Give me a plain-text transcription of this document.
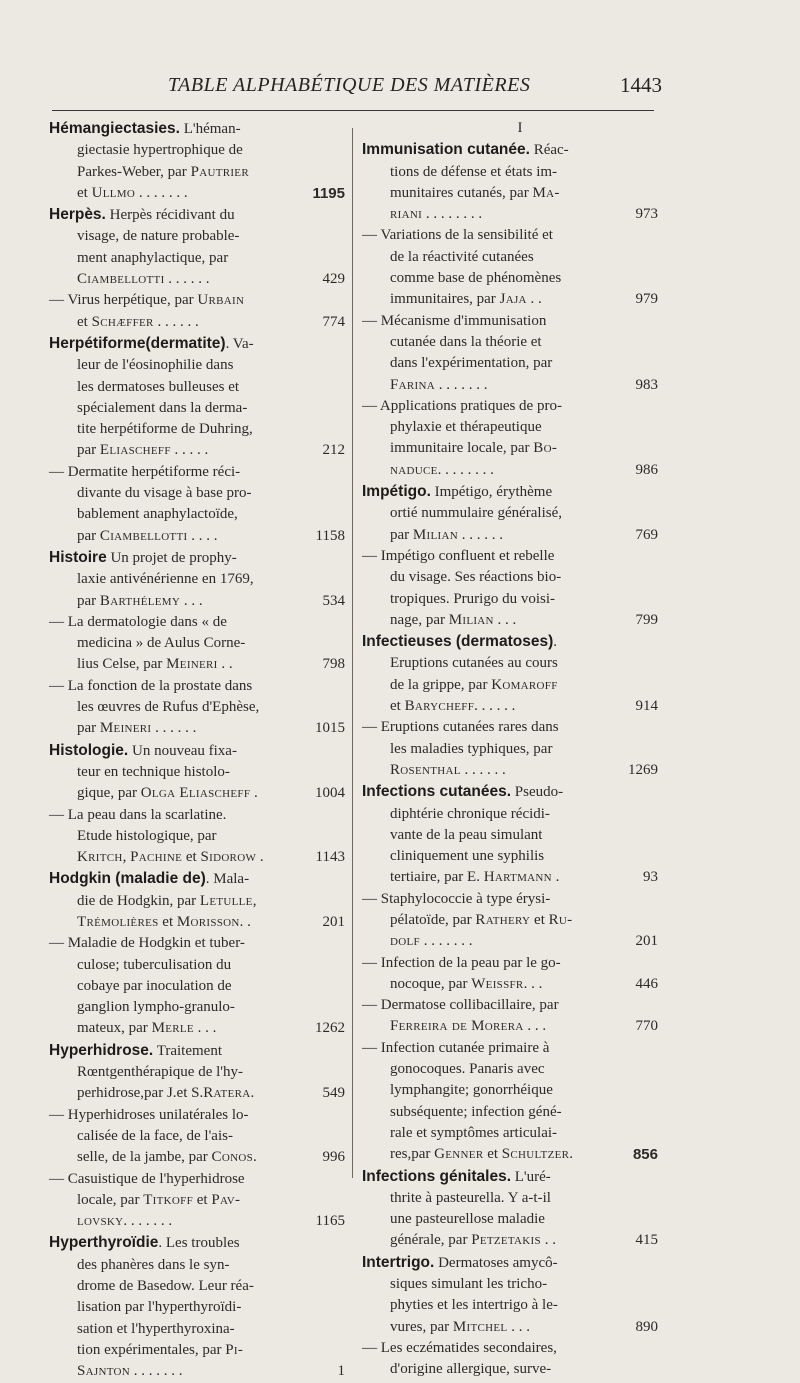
TABLE ALPHABÉTIQUE DES MATIÈRES	1443
Hémangiectasies. L'héman-
giectasie hypertrophique de
Parkes-Weber, par Pautrier
1195
et Ullmo . . . . . . .
Herpès. Herpès récidivant du
visage, de nature probable-
ment anaphylactique, par
429
Ciambellotti . . . . . .
— Virus herpétique, par Urbain
774
et Schæffer . . . . . .
Herpétiforme(dermatite). Va-
leur de l'éosinophilie dans
les dermatoses bulleuses et
spécialement dans la derma-
tite herpétiforme de Duhring,
212
par Eliascheff . . . . .
— Dermatite herpétiforme réci-
divante du visage à base pro-
bablement anaphylactoïde,
1158
par Ciambellotti . . . .
Histoire Un projet de prophy-
laxie antivénérienne en 1769,
534
par Barthélemy . . .
— La dermatologie dans « de
medicina » de Aulus Corne-
798
lius Celse, par Meineri . .
— La fonction de la prostate dans
les œuvres de Rufus d'Ephèse,
1015
par Meineri . . . . . .
Histologie. Un nouveau fixa-
teur en technique histolo-
1004
gique, par Olga Eliascheff .
— La peau dans la scarlatine.
Etude histologique, par
1143
Kritch, Pachine et Sidorow .
Hodgkin (maladie de). Mala-
die de Hodgkin, par Letulle,
201
Trémolières et Morisson. .
— Maladie de Hodgkin et tuber-
culose; tuberculisation du
cobaye par inoculation de
ganglion lympho-granulo-
1262
mateux, par Merle . . .
Hyperhidrose. Traitement
Rœntgenthérapique de l'hy-
549
perhidrose,par J.et S.Ratera.
— Hyperhidroses unilatérales lo-
calisée de la face, de l'ais-
996
selle, de la jambe, par Conos.
— Casuistique de l'hyperhidrose
locale, par Titkoff et Pav-
1165
lovsky. . . . . . .
Hyperthyroïdie. Les troubles
des phanères dans le syn-
drome de Basedow. Leur réa-
lisation par l'hyperthyroïdi-
sation et l'hyperthyroxina-
tion expérimentales, par Pi-
1
Sajnton . . . . . . .
I
Immunisation cutanée. Réac-
tions de défense et états im-
munitaires cutanés, par Ma-
973
riani . . . . . . . .
— Variations de la sensibilité et
de la réactivité cutanées
comme base de phénomènes
979
immunitaires, par Jaja . .
— Mécanisme d'immunisation
cutanée dans la théorie et
dans l'expérimentation, par
983
Farina . . . . . . .
— Applications pratiques de pro-
phylaxie et thérapeutique
immunitaire locale, par Bo-
986
naduce. . . . . . . .
Impétigo. Impétigo, érythème
ortié nummulaire généralisé,
769
par Milian . . . . . .
— Impétigo confluent et rebelle
du visage. Ses réactions bio-
tropiques. Prurigo du voisi-
799
nage, par Milian . . .
Infectieuses (dermatoses).
Eruptions cutanées au cours
de la grippe, par Komaroff
914
et Barycheff. . . . . .
— Eruptions cutanées rares dans
les maladies typhiques, par
1269
Rosenthal . . . . . .
Infections cutanées. Pseudo-
diphtérie chronique récidi-
vante de la peau simulant
cliniquement une syphilis
93
tertiaire, par E. Hartmann .
— Staphylococcie à type érysi-
pélatoïde, par Rathery et Ru-
201
dolf . . . . . . .
— Infection de la peau par le go-
446
nocoque, par Weissfr. . .
— Dermatose collibacillaire, par
770
Ferreira de Morera . . .
— Infection cutanée primaire à
gonocoques. Panaris avec
lymphangite; gonorrhéique
subséquente; infection géné-
rale et symptômes articulai-
856
res,par Genner et Schultzer.
Infections génitales. L'uré-
thrite à pasteurella. Y a-t-il
une pasteurellose maladie
415
générale, par Petzetakis . .
Intertrigo. Dermatoses amycô-
siques simulant les tricho-
phyties et les intertrigo à le-
890
vures, par Mitchel . . .
— Les eczématides secondaires,
d'origine allergique, surve-
